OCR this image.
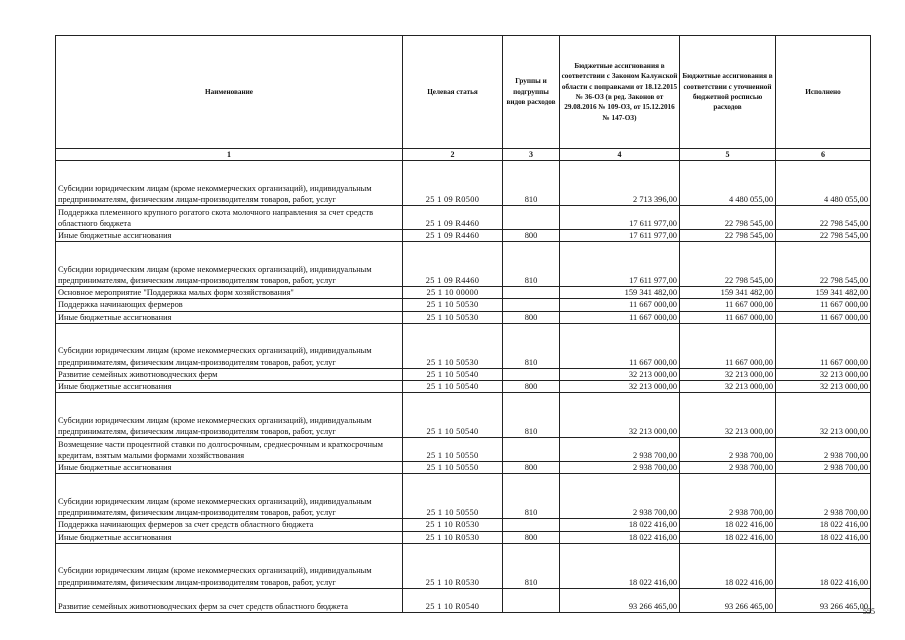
Наименование	Целевая статья	Группы и подгруппы видов расходов	Бюджетные ассигнования в соответствии с Законом Калужской области с поправками от 18.12.2015 № 36-ОЗ (в ред. Законов от 29.08.2016 № 109-ОЗ, от 15.12.2016 № 147-ОЗ)	Бюджетные ассигнования в соответствии с уточненной бюджетной росписью расходов	Исполнено
1	2	3	4	5	6
Субсидии юридическим лицам (кроме некоммерческих организаций), индивидуальным предпринимателям, физическим лицам-производителям товаров, работ, услуг	25 1 09 R0500	810	2 713 396,00	4 480 055,00	4 480 055,00
Поддержка племенного крупного рогатого скота молочного направления за счет средств областного бюджета	25 1 09 R4460		17 611 977,00	22 798 545,00	22 798 545,00
Иные бюджетные ассигнования	25 1 09 R4460	800	17 611 977,00	22 798 545,00	22 798 545,00
Субсидии юридическим лицам (кроме некоммерческих организаций), индивидуальным предпринимателям, физическим лицам-производителям товаров, работ, услуг	25 1 09 R4460	810	17 611 977,00	22 798 545,00	22 798 545,00
Основное мероприятие "Поддержка малых форм хозяйствования"	25 1 10 00000		159 341 482,00	159 341 482,00	159 341 482,00
Поддержка начинающих фермеров	25 1 10 50530		11 667 000,00	11 667 000,00	11 667 000,00
Иные бюджетные ассигнования	25 1 10 50530	800	11 667 000,00	11 667 000,00	11 667 000,00
Субсидии юридическим лицам (кроме некоммерческих организаций), индивидуальным предпринимателям, физическим лицам-производителям товаров, работ, услуг	25 1 10 50530	810	11 667 000,00	11 667 000,00	11 667 000,00
Развитие семейных животноводческих ферм	25 1 10 50540		32 213 000,00	32 213 000,00	32 213 000,00
Иные бюджетные ассигнования	25 1 10 50540	800	32 213 000,00	32 213 000,00	32 213 000,00
Субсидии юридическим лицам (кроме некоммерческих организаций), индивидуальным предпринимателям, физическим лицам-производителям товаров, работ, услуг	25 1 10 50540	810	32 213 000,00	32 213 000,00	32 213 000,00
Возмещение части процентной ставки по долгосрочным, среднесрочным и краткосрочным кредитам, взятым малыми формами хозяйствования	25 1 10 50550		2 938 700,00	2 938 700,00	2 938 700,00
Иные бюджетные ассигнования	25 1 10 50550	800	2 938 700,00	2 938 700,00	2 938 700,00
Субсидии юридическим лицам (кроме некоммерческих организаций), индивидуальным предпринимателям, физическим лицам-производителям товаров, работ, услуг	25 1 10 50550	810	2 938 700,00	2 938 700,00	2 938 700,00
Поддержка начинающих фермеров за счет средств областного бюджета	25 1 10 R0530		18 022 416,00	18 022 416,00	18 022 416,00
Иные бюджетные ассигнования	25 1 10 R0530	800	18 022 416,00	18 022 416,00	18 022 416,00
Субсидии юридическим лицам (кроме некоммерческих организаций), индивидуальным предпринимателям, физическим лицам-производителям товаров, работ, услуг	25 1 10 R0530	810	18 022 416,00	18 022 416,00	18 022 416,00
Развитие семейных животноводческих ферм за счет средств областного бюджета	25 1 10 R0540		93 266 465,00	93 266 465,00	93 266 465,00
555
